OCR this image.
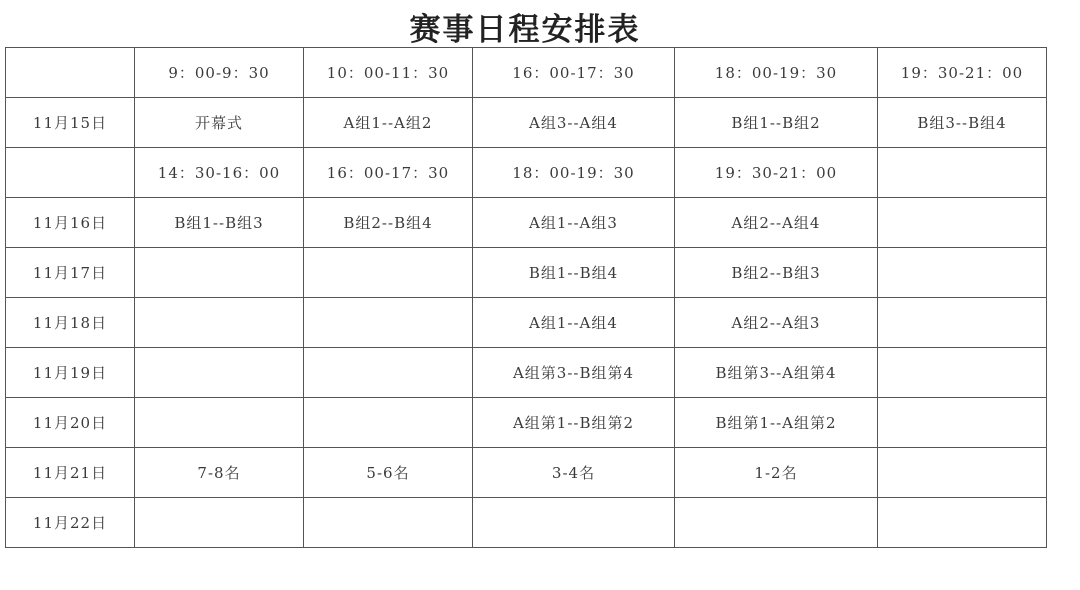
赛事日程安排表
	9：00-9：30	10：00-11：30	16：00-17：30	18：00-19：30	19：30-21：00
11月15日	开幕式	A组1--A组2	A组3--A组4	B组1--B组2	B组3--B组4
	14：30-16：00	16：00-17：30	18：00-19：30	19：30-21：00	
11月16日	B组1--B组3	B组2--B组4	A组1--A组3	A组2--A组4	
11月17日			B组1--B组4	B组2--B组3	
11月18日			A组1--A组4	A组2--A组3	
11月19日			A组第3--B组第4	B组第3--A组第4	
11月20日			A组第1--B组第2	B组第1--A组第2	
11月21日	7-8名	5-6名	3-4名	1-2名	
11月22日					
